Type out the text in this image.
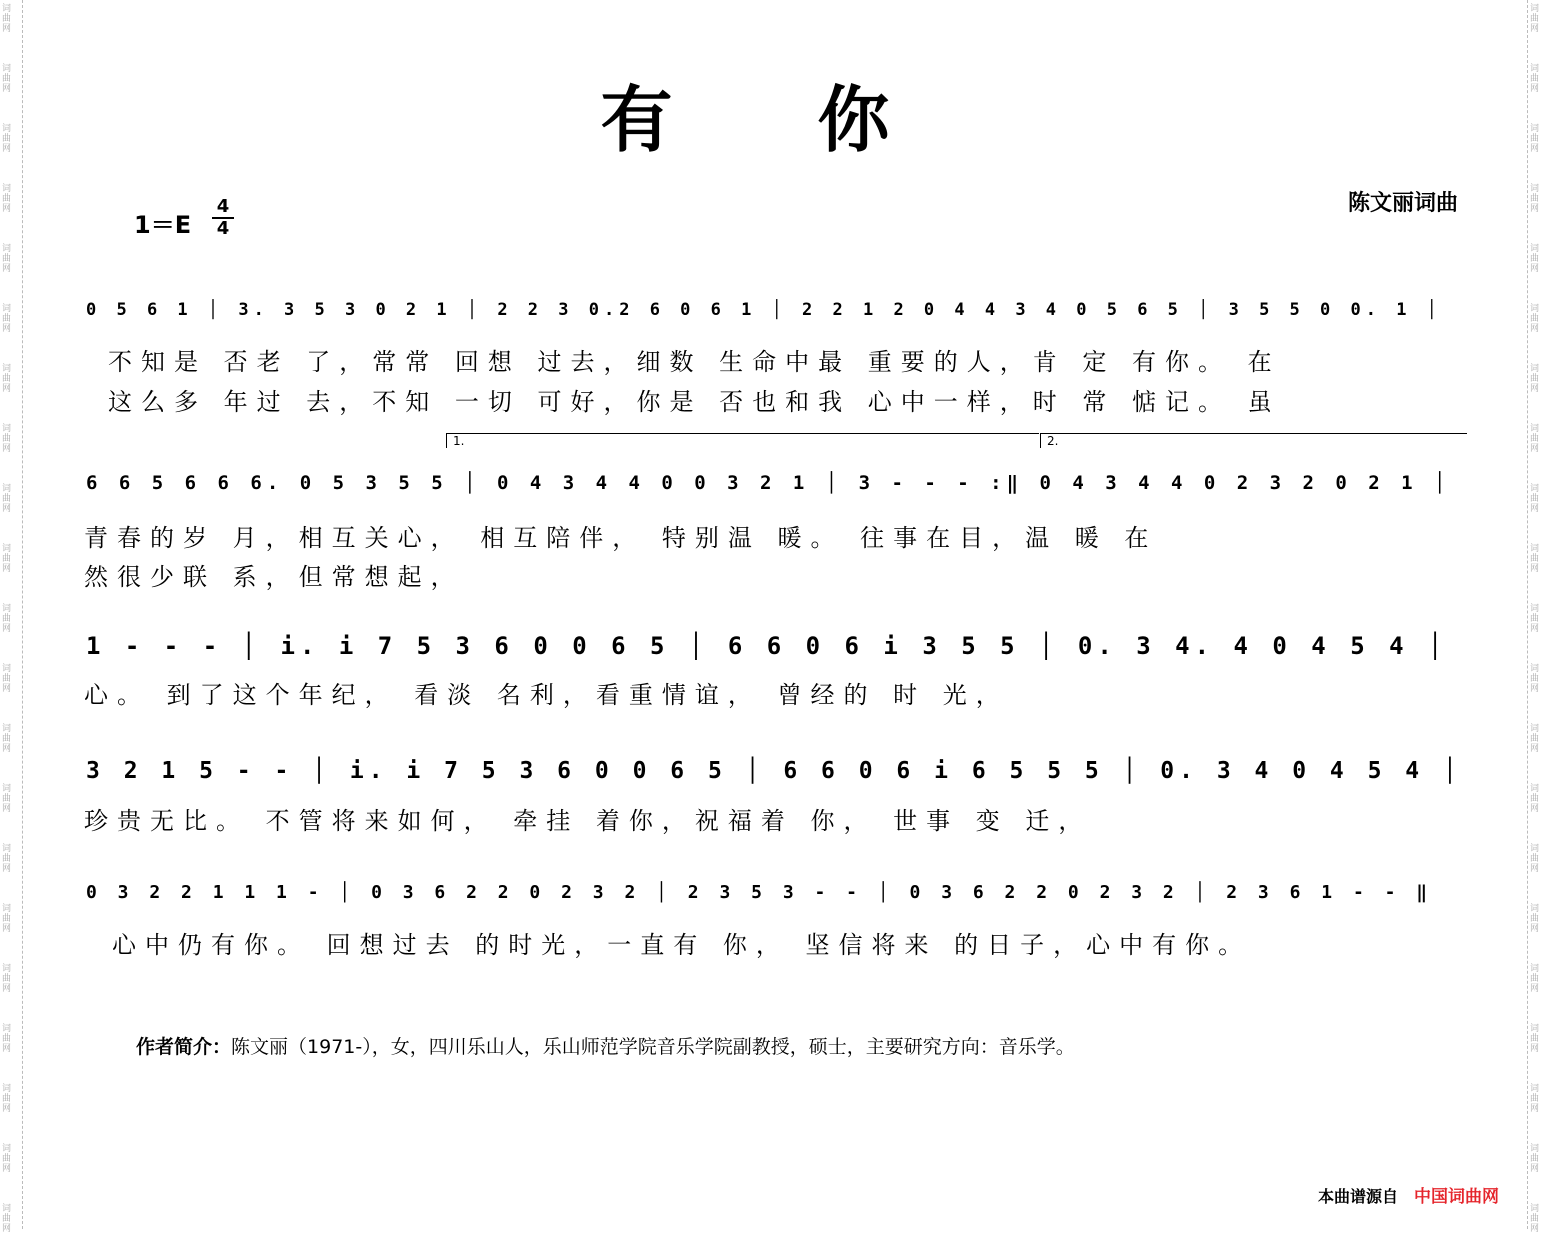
词曲网
词曲网
词曲网
词曲网
词曲网
词曲网
词曲网
词曲网
词曲网
词曲网
词曲网
词曲网
词曲网
词曲网
词曲网
词曲网
词曲网
词曲网
词曲网
词曲网
词曲网
词曲网
词曲网
词曲网
词曲网
词曲网
词曲网
词曲网
词曲网
词曲网
词曲网
词曲网
词曲网
词曲网
词曲网
词曲网
词曲网
词曲网
词曲网
词曲网
词曲网
词曲网
有 你
陈文丽词曲
1＝E
4
4
0 5 6 1 │ 3. 3 5 3 0 2 1 │ 2 2 3 0.2 6 0 6 1 │ 2 2 1 2 0 4 4 3 4 0 5 6 5 │ 3 5 5 0 0. 1 │
不知是 否老 了，常常 回想 过去，细数 生命中最 重要的人，肯 定 有你。 在
这么多 年过 去，不知 一切 可好，你是 否也和我 心中一样，时 常 惦记。 虽
1.	2.
6 6 5 6 6 6. 0 5 3 5 5 │ 0 4 3 4 4 0 0 3 2 1 │ 3 - - - :‖ 0 4 3 4 4 0 2 3 2 0 2 1 │
青春的岁 月，相互关心， 相互陪伴， 特别温 暖。 往事在目，温 暖 在
然很少联 系，但常想起，
1 - - - │ i. i 7 5 3 6 0 0 6 5 │ 6 6 0 6 i 3 5 5 │ 0. 3 4. 4 0 4 5 4 │
心。 到了这个年纪， 看淡 名利，看重情谊， 曾经的 时 光，
3 2 1 5 - - │ i. i 7 5 3 6 0 0 6 5 │ 6 6 0 6 i 6 5 5 5 │ 0. 3 4 0 4 5 4 │
珍贵无比。 不管将来如何， 牵挂 着你，祝福着 你， 世事 变 迁，
0 3 2 2 1 1 1 - │ 0 3 6 2 2 0 2 3 2 │ 2 3 5 3 - - │ 0 3 6 2 2 0 2 3 2 │ 2 3 6 1 - - ‖
心中仍有你。 回想过去 的时光，一直有 你， 坚信将来 的日子，心中有你。
作者简介：陈文丽（1971-），女，四川乐山人，乐山师范学院音乐学院副教授，硕士，主要研究方向：音乐学。
本曲谱源自 中国词曲网
